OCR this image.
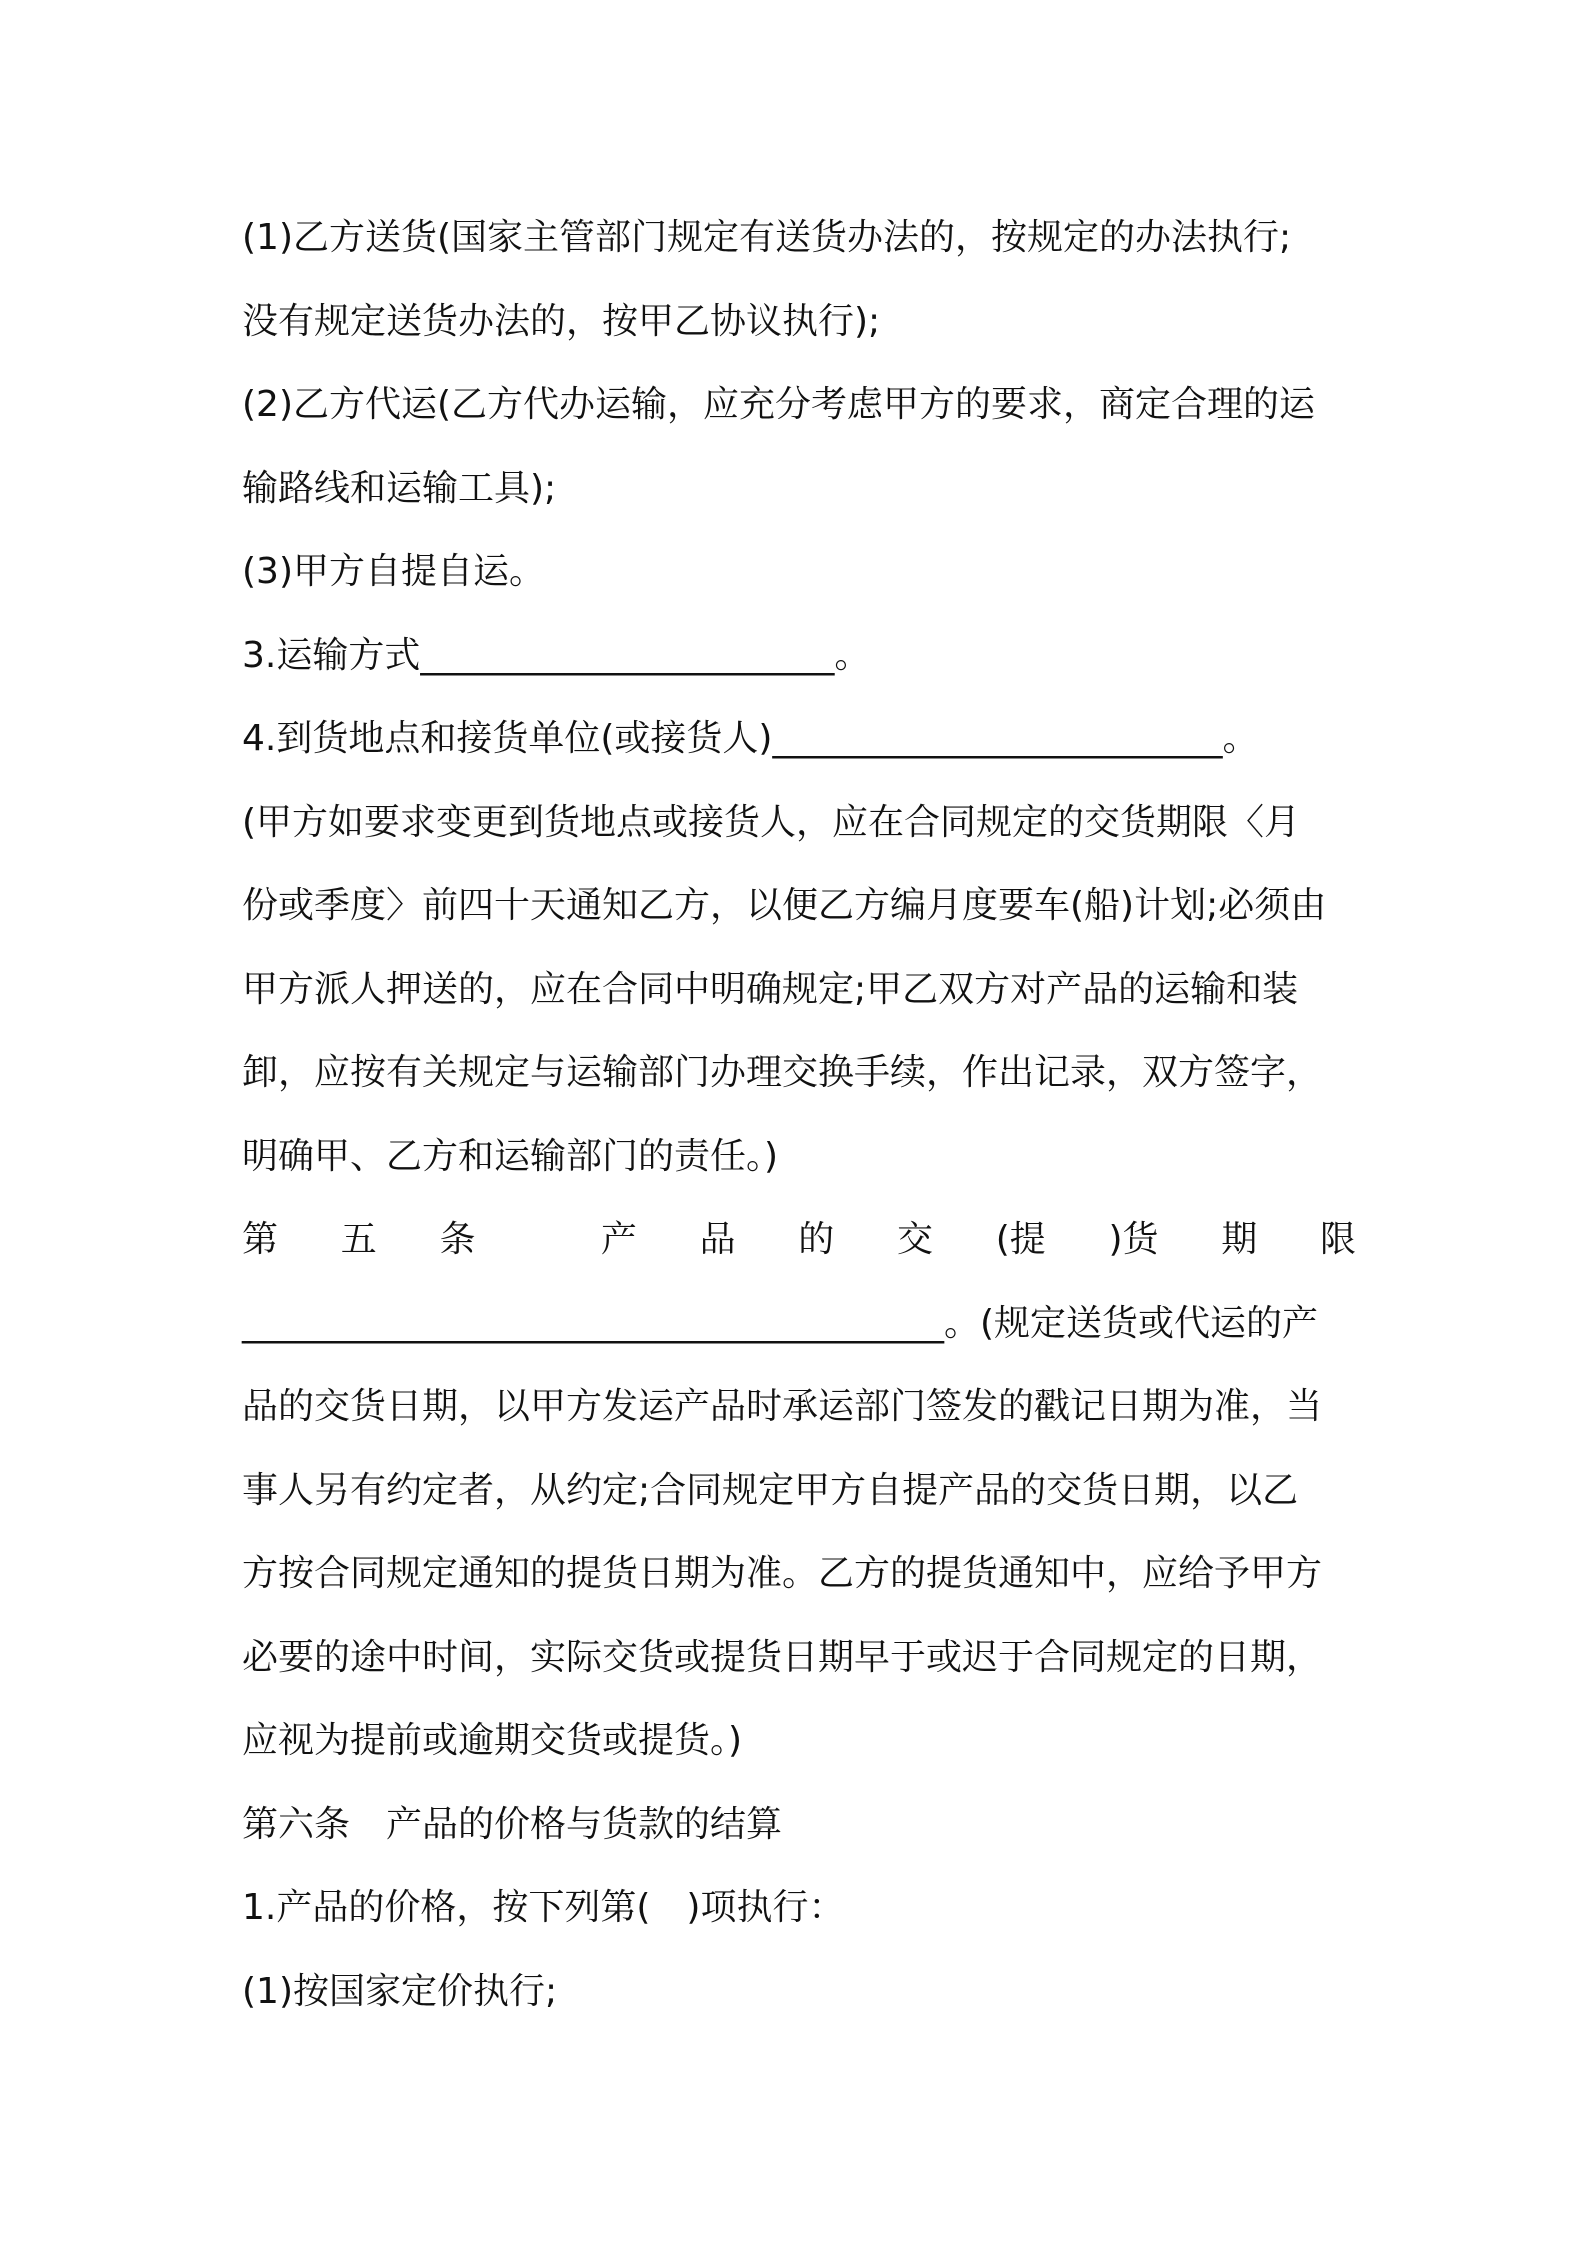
(1)乙方送货(国家主管部门规定有送货办法的，按规定的办法执行;
没有规定送货办法的，按甲乙协议执行);
(2)乙方代运(乙方代办运输，应充分考虑甲方的要求，商定合理的运
输路线和运输工具);
(3)甲方自提自运。
3.运输方式_______________________。
4.到货地点和接货单位(或接货人)_________________________。
(甲方如要求变更到货地点或接货人，应在合同规定的交货期限〈月
份或季度〉前四十天通知乙方，以便乙方编月度要车(船)计划;必须由
甲方派人押送的，应在合同中明确规定;甲乙双方对产品的运输和装
卸，应按有关规定与运输部门办理交换手续，作出记录，双方签字，
明确甲、乙方和运输部门的责任。)
第 五 条	产 品 的 交 (提 )货 期 限
_______________________________________。(规定送货或代运的产
品的交货日期，以甲方发运产品时承运部门签发的戳记日期为准，当
事人另有约定者，从约定;合同规定甲方自提产品的交货日期，以乙
方按合同规定通知的提货日期为准。乙方的提货通知中，应给予甲方
必要的途中时间，实际交货或提货日期早于或迟于合同规定的日期，
应视为提前或逾期交货或提货。)
第六条　产品的价格与货款的结算
1.产品的价格，按下列第(　)项执行：
(1)按国家定价执行;
